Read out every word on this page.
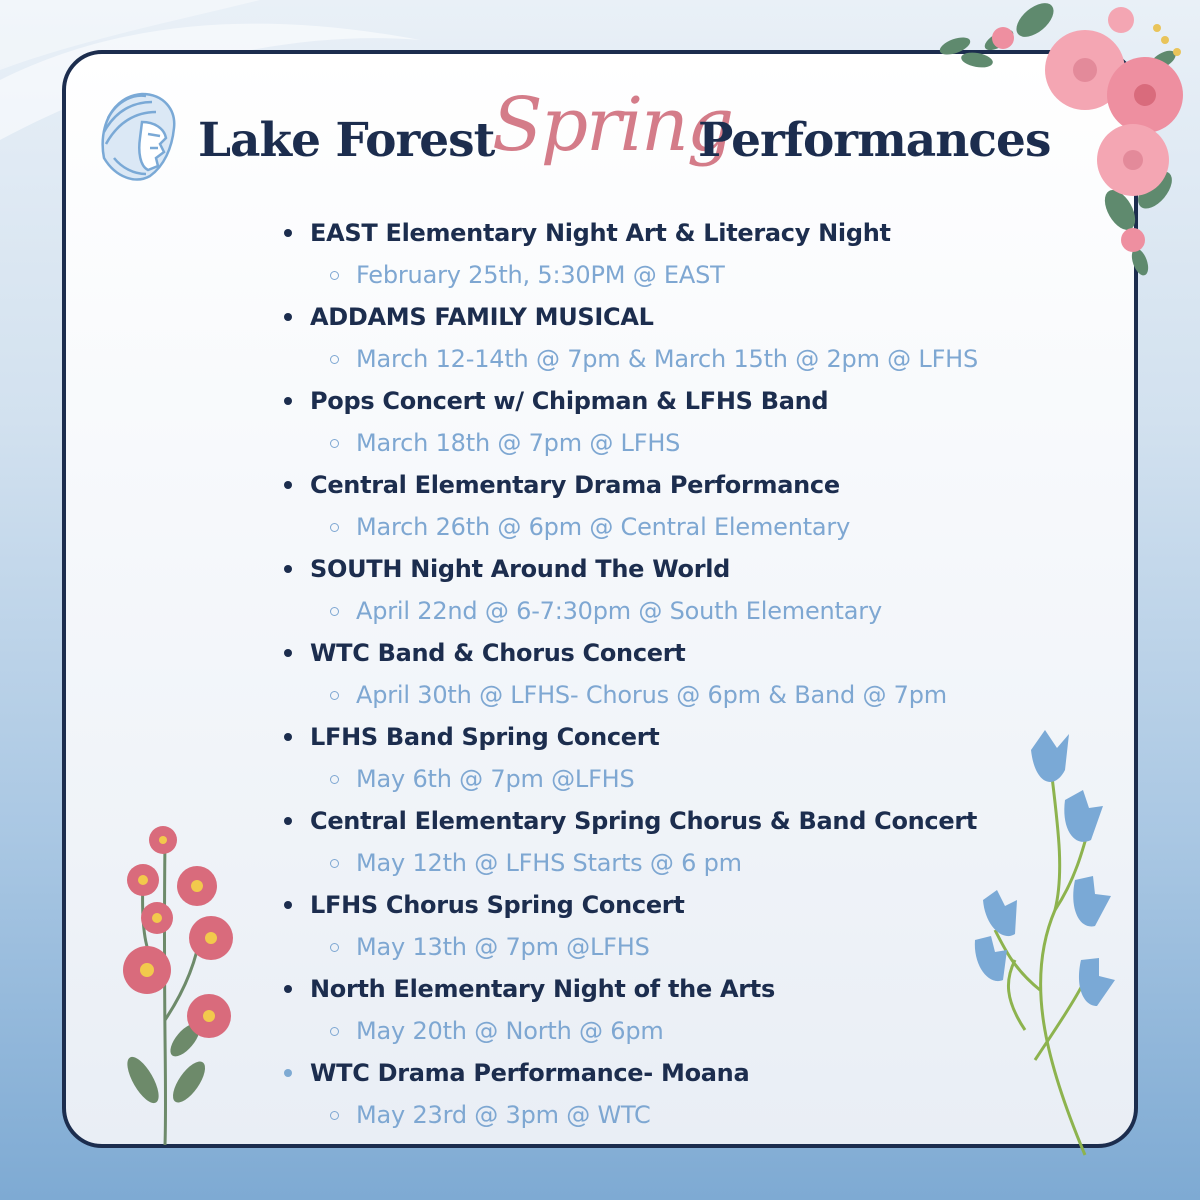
Lake Forest
Spring
Performances
EAST Elementary Night Art & Literacy Night
February 25th, 5:30PM @ EAST
ADDAMS FAMILY MUSICAL
March 12-14th @ 7pm & March 15th @ 2pm @ LFHS
Pops Concert w/ Chipman & LFHS Band
March 18th @ 7pm @ LFHS
Central Elementary Drama Performance
March 26th @ 6pm @ Central Elementary
SOUTH Night Around The World
April 22nd @ 6-7:30pm @ South Elementary
WTC Band & Chorus Concert
April 30th @ LFHS- Chorus @ 6pm & Band @ 7pm
LFHS Band Spring Concert
May 6th @ 7pm @LFHS
Central Elementary Spring Chorus & Band Concert
May 12th @ LFHS Starts @ 6 pm
LFHS Chorus Spring Concert
May 13th @ 7pm @LFHS
North Elementary Night of the Arts
May 20th @ North @ 6pm
WTC Drama Performance- Moana
May 23rd @ 3pm @ WTC
